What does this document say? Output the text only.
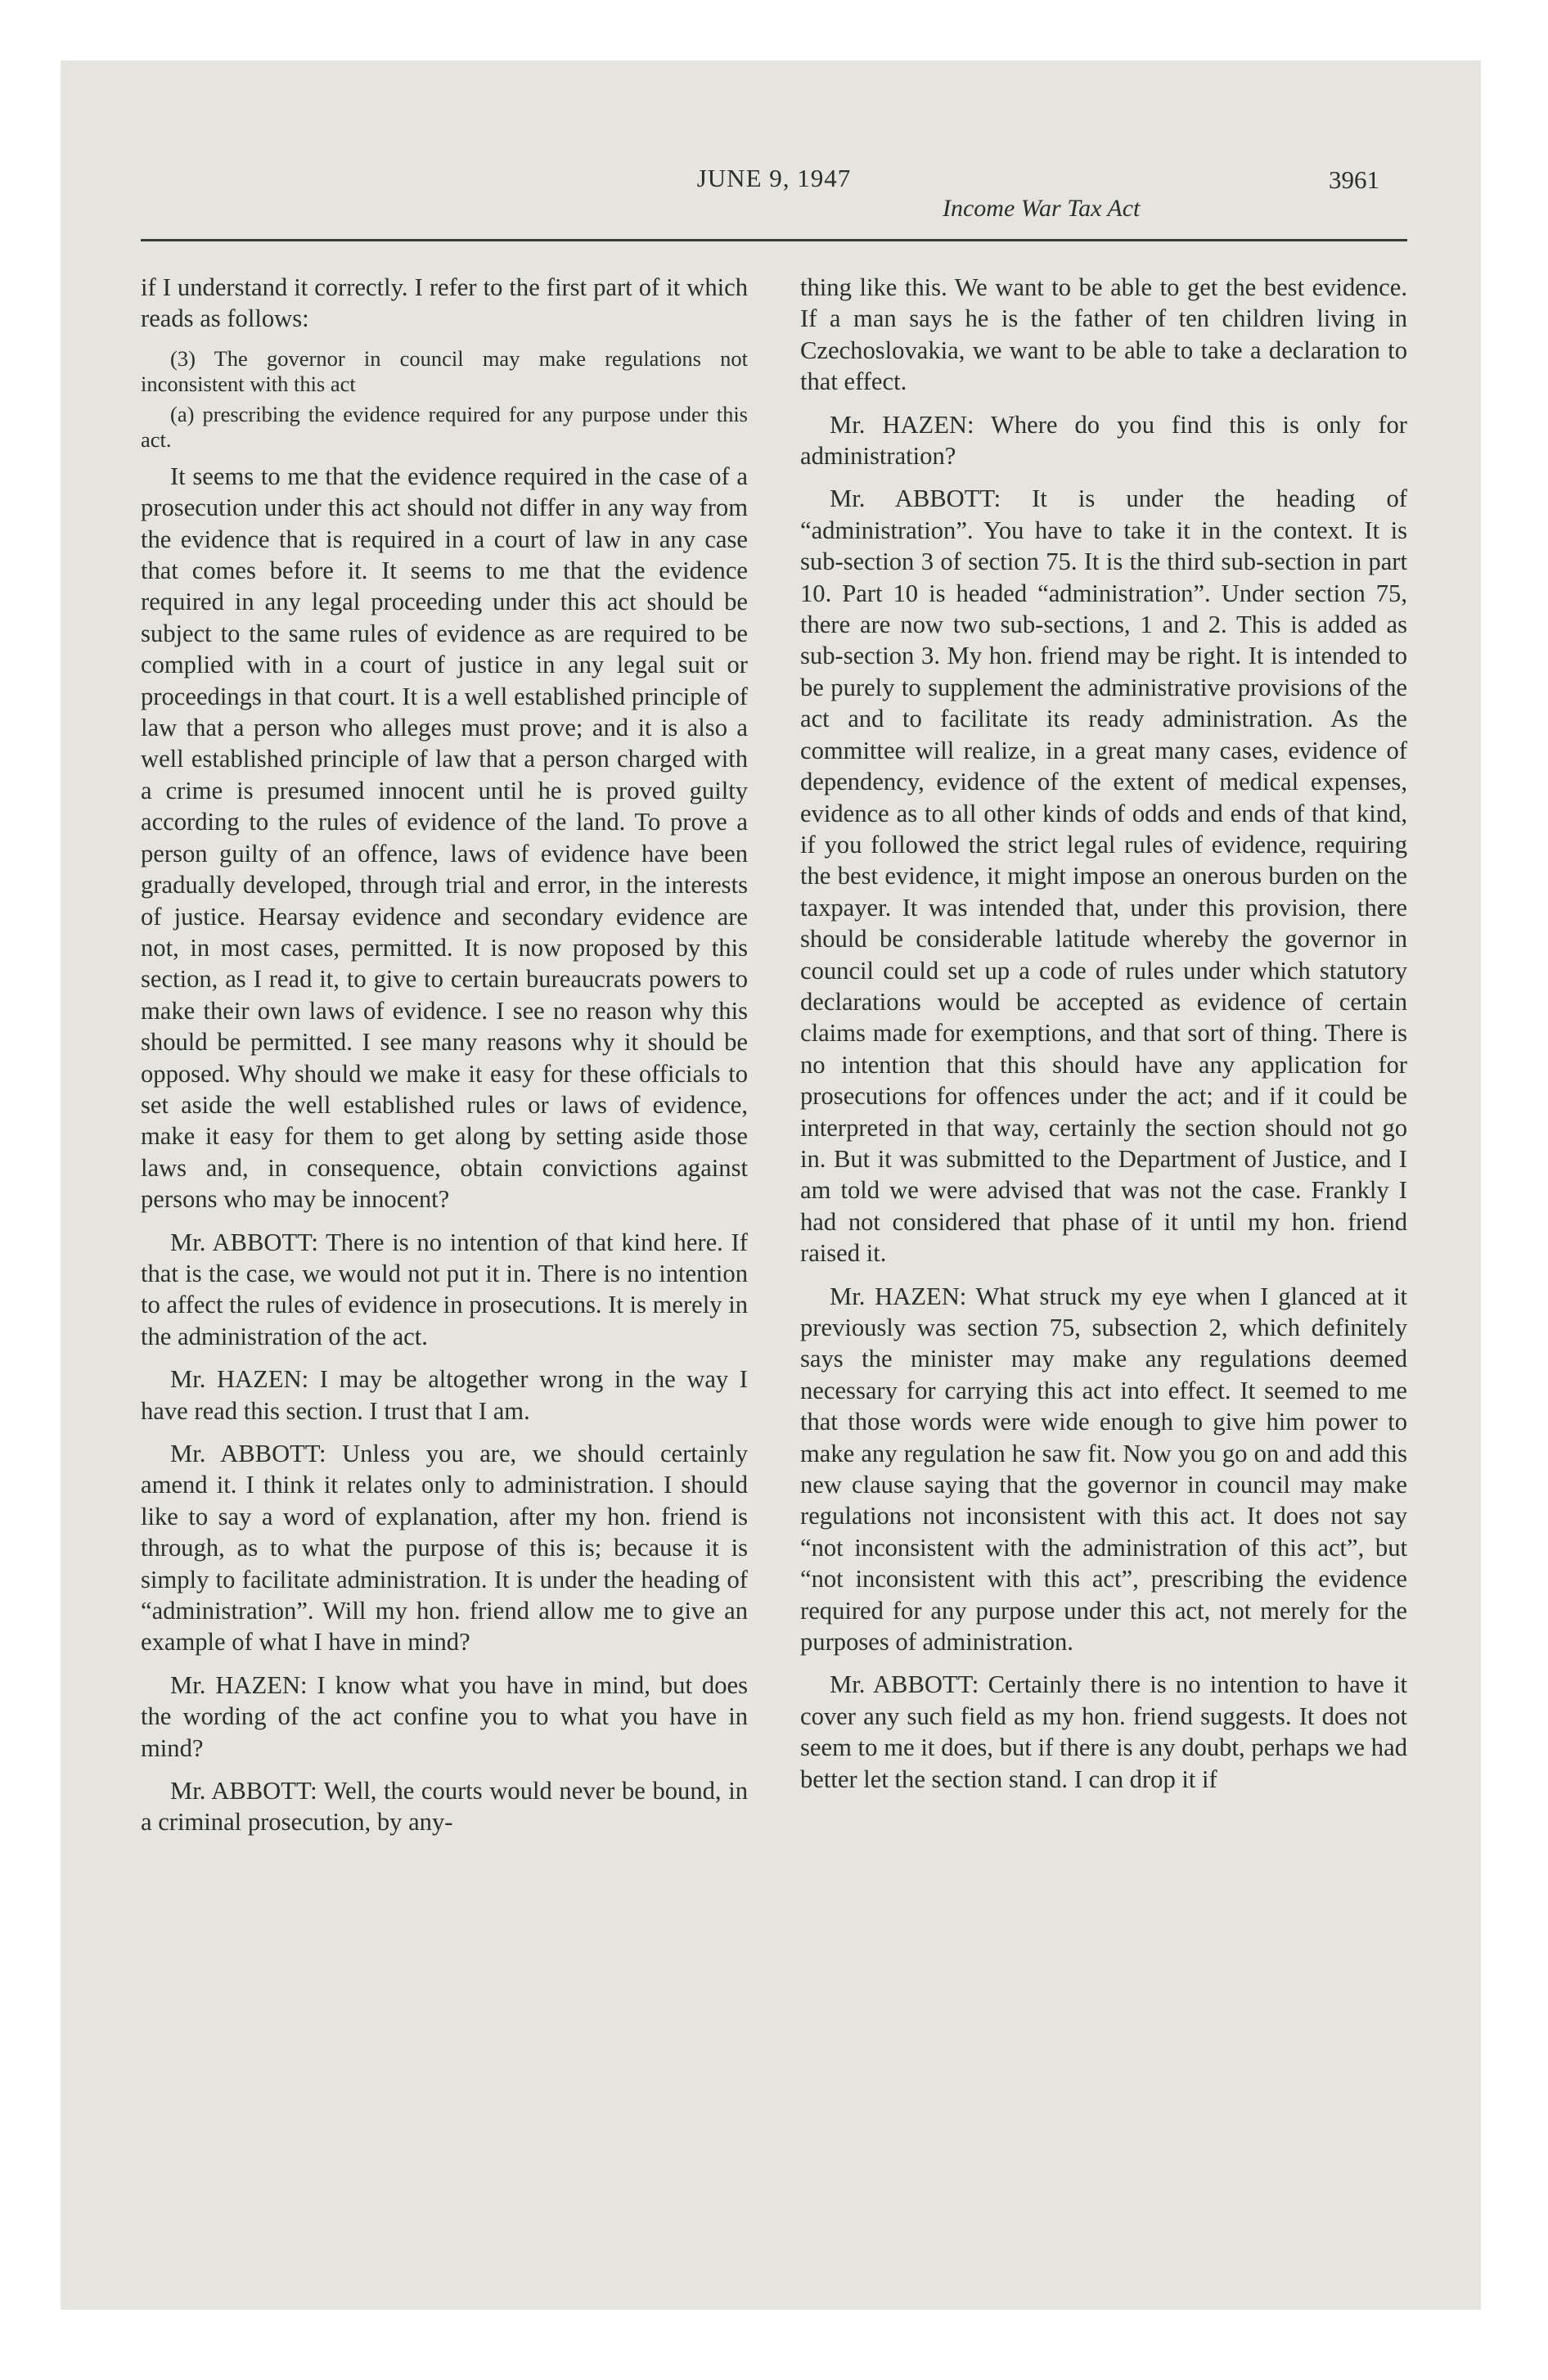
JUNE 9, 1947
Income War Tax Act
3961

if I understand it correctly. I refer to the first part of it which reads as follows:

(3) The governor in council may make regulations not inconsistent with this act

(a) prescribing the evidence required for any purpose under this act.

It seems to me that the evidence required in the case of a prosecution under this act should not differ in any way from the evidence that is required in a court of law in any case that comes before it. It seems to me that the evidence required in any legal proceeding under this act should be subject to the same rules of evidence as are required to be complied with in a court of justice in any legal suit or proceedings in that court. It is a well established principle of law that a person who alleges must prove; and it is also a well established principle of law that a person charged with a crime is presumed innocent until he is proved guilty according to the rules of evidence of the land. To prove a person guilty of an offence, laws of evidence have been gradually developed, through trial and error, in the interests of justice. Hearsay evidence and secondary evidence are not, in most cases, permitted. It is now proposed by this section, as I read it, to give to certain bureaucrats powers to make their own laws of evidence. I see no reason why this should be permitted. I see many reasons why it should be opposed. Why should we make it easy for these officials to set aside the well established rules or laws of evidence, make it easy for them to get along by setting aside those laws and, in consequence, obtain convictions against persons who may be innocent?

Mr. ABBOTT: There is no intention of that kind here. If that is the case, we would not put it in. There is no intention to affect the rules of evidence in prosecutions. It is merely in the administration of the act.

Mr. HAZEN: I may be altogether wrong in the way I have read this section. I trust that I am.

Mr. ABBOTT: Unless you are, we should certainly amend it. I think it relates only to administration. I should like to say a word of explanation, after my hon. friend is through, as to what the purpose of this is; because it is simply to facilitate administration. It is under the heading of “administration”. Will my hon. friend allow me to give an example of what I have in mind?

Mr. HAZEN: I know what you have in mind, but does the wording of the act confine you to what you have in mind?

Mr. ABBOTT: Well, the courts would never be bound, in a criminal prosecution, by any-

thing like this. We want to be able to get the best evidence. If a man says he is the father of ten children living in Czechoslovakia, we want to be able to take a declaration to that effect.

Mr. HAZEN: Where do you find this is only for administration?

Mr. ABBOTT: It is under the heading of “administration”. You have to take it in the context. It is sub-section 3 of section 75. It is the third sub-section in part 10. Part 10 is headed “administration”. Under section 75, there are now two sub-sections, 1 and 2. This is added as sub-section 3. My hon. friend may be right. It is intended to be purely to supplement the administrative provisions of the act and to facilitate its ready administration. As the committee will realize, in a great many cases, evidence of dependency, evidence of the extent of medical expenses, evidence as to all other kinds of odds and ends of that kind, if you followed the strict legal rules of evidence, requiring the best evidence, it might impose an onerous burden on the taxpayer. It was intended that, under this provision, there should be considerable latitude whereby the governor in council could set up a code of rules under which statutory declarations would be accepted as evidence of certain claims made for exemptions, and that sort of thing. There is no intention that this should have any application for prosecutions for offences under the act; and if it could be interpreted in that way, certainly the section should not go in. But it was submitted to the Department of Justice, and I am told we were advised that was not the case. Frankly I had not considered that phase of it until my hon. friend raised it.

Mr. HAZEN: What struck my eye when I glanced at it previously was section 75, subsection 2, which definitely says the minister may make any regulations deemed necessary for carrying this act into effect. It seemed to me that those words were wide enough to give him power to make any regulation he saw fit. Now you go on and add this new clause saying that the governor in council may make regulations not inconsistent with this act. It does not say “not inconsistent with the administration of this act”, but “not inconsistent with this act”, prescribing the evidence required for any purpose under this act, not merely for the purposes of administration.

Mr. ABBOTT: Certainly there is no intention to have it cover any such field as my hon. friend suggests. It does not seem to me it does, but if there is any doubt, perhaps we had better let the section stand. I can drop it if
